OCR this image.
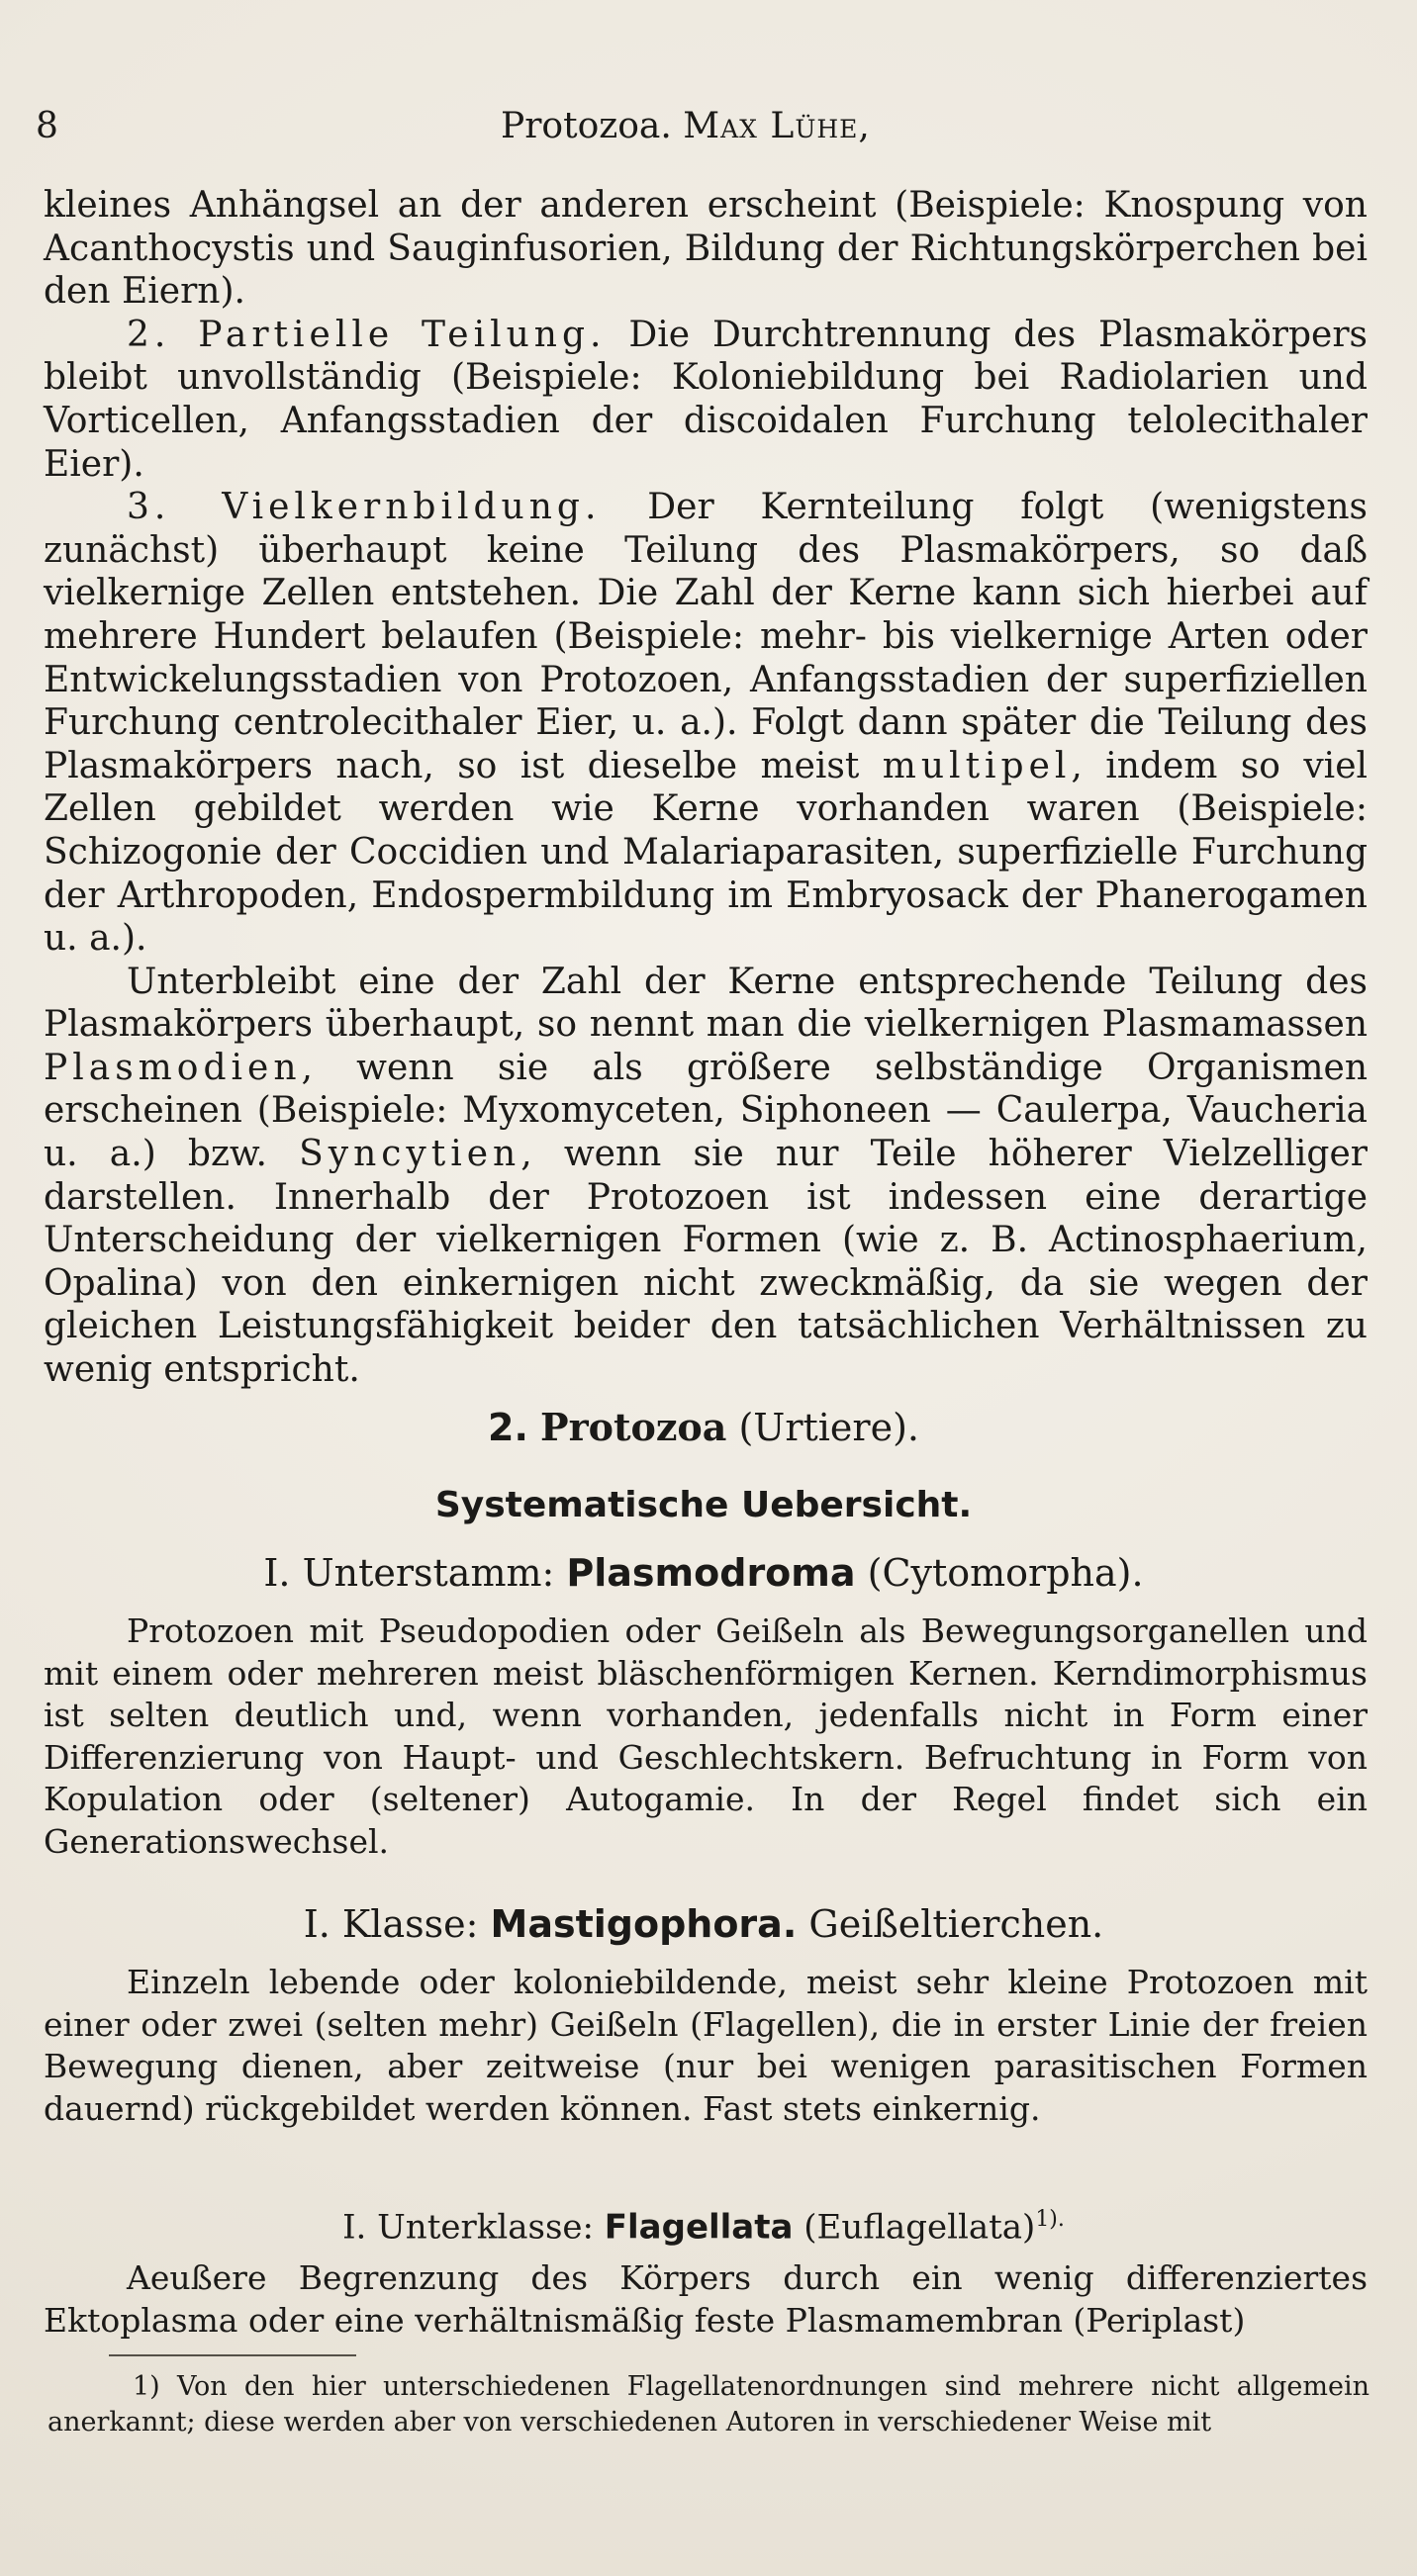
8	Protozoa. Max Lühe,

kleines Anhängsel an der anderen erscheint (Beispiele: Knospung von Acanthocystis und Sauginfusorien, Bildung der Richtungskörperchen bei den Eiern).

2. Partielle Teilung. Die Durchtrennung des Plasmakörpers bleibt unvollständig (Beispiele: Koloniebildung bei Radiolarien und Vorticellen, Anfangsstadien der discoidalen Furchung telolecithaler Eier).

3. Vielkernbildung. Der Kernteilung folgt (wenigstens zunächst) überhaupt keine Teilung des Plasmakörpers, so daß vielkernige Zellen entstehen. Die Zahl der Kerne kann sich hierbei auf mehrere Hundert belaufen (Beispiele: mehr- bis vielkernige Arten oder Entwickelungsstadien von Protozoen, Anfangsstadien der superfiziellen Furchung centrolecithaler Eier, u. a.). Folgt dann später die Teilung des Plasmakörpers nach, so ist dieselbe meist multipel, indem so viel Zellen gebildet werden wie Kerne vorhanden waren (Beispiele: Schizogonie der Coccidien und Malariaparasiten, superfizielle Furchung der Arthropoden, Endospermbildung im Embryosack der Phanerogamen u. a.).

Unterbleibt eine der Zahl der Kerne entsprechende Teilung des Plasmakörpers überhaupt, so nennt man die vielkernigen Plasmamassen Plasmodien, wenn sie als größere selbständige Organismen erscheinen (Beispiele: Myxomyceten, Siphoneen — Caulerpa, Vaucheria u. a.) bzw. Syncytien, wenn sie nur Teile höherer Vielzelliger darstellen. Innerhalb der Protozoen ist indessen eine derartige Unterscheidung der vielkernigen Formen (wie z. B. Actinosphaerium, Opalina) von den einkernigen nicht zweckmäßig, da sie wegen der gleichen Leistungsfähigkeit beider den tatsächlichen Verhältnissen zu wenig entspricht.

2. Protozoa (Urtiere).
Systematische Uebersicht.
I. Unterstamm: Plasmodroma (Cytomorpha).

Protozoen mit Pseudopodien oder Geißeln als Bewegungsorganellen und mit einem oder mehreren meist bläschenförmigen Kernen. Kerndimorphismus ist selten deutlich und, wenn vorhanden, jedenfalls nicht in Form einer Differenzierung von Haupt- und Geschlechtskern. Befruchtung in Form von Kopulation oder (seltener) Autogamie. In der Regel findet sich ein Generationswechsel.

I. Klasse: Mastigophora. Geißeltierchen.

Einzeln lebende oder koloniebildende, meist sehr kleine Protozoen mit einer oder zwei (selten mehr) Geißeln (Flagellen), die in erster Linie der freien Bewegung dienen, aber zeitweise (nur bei wenigen parasitischen Formen dauernd) rückgebildet werden können. Fast stets einkernig.

I. Unterklasse: Flagellata (Euflagellata)$^{1).}$

Aeußere Begrenzung des Körpers durch ein wenig differenziertes Ektoplasma oder eine verhältnismäßig feste Plasmamembran (Periplast)

1) Von den hier unterschiedenen Flagellatenordnungen sind mehrere nicht allgemein anerkannt; diese werden aber von verschiedenen Autoren in verschiedener Weise mit
